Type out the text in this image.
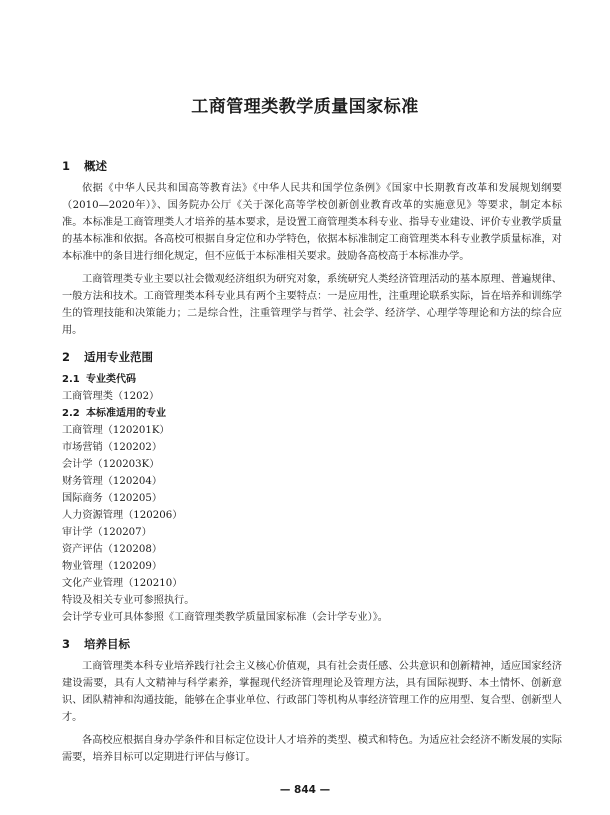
工商管理类教学质量国家标准
1 概述

依据《中华人民共和国高等教育法》《中华人民共和国学位条例》《国家中长期教育改革和发展规划纲要（2010—2020年）》、国务院办公厅《关于深化高等学校创新创业教育改革的实施意见》等要求，制定本标准。本标准是工商管理类人才培养的基本要求，是设置工商管理类本科专业、指导专业建设、评价专业教学质量的基本标准和依据。各高校可根据自身定位和办学特色，依据本标准制定工商管理类本科专业教学质量标准，对本标准中的条目进行细化规定，但不应低于本标准相关要求。鼓励各高校高于本标准办学。

工商管理类专业主要以社会微观经济组织为研究对象，系统研究人类经济管理活动的基本原理、普遍规律、一般方法和技术。工商管理类本科专业具有两个主要特点：一是应用性，注重理论联系实际，旨在培养和训练学生的管理技能和决策能力；二是综合性，注重管理学与哲学、社会学、经济学、心理学等理论和方法的综合应用。

2 适用专业范围
2.1 专业类代码

工商管理类（1202）

2.2 本标准适用的专业

工商管理（120201K）

市场营销（120202）

会计学（120203K）

财务管理（120204）

国际商务（120205）

人力资源管理（120206）

审计学（120207）

资产评估（120208）

物业管理（120209）

文化产业管理（120210）

特设及相关专业可参照执行。

会计学专业可具体参照《工商管理类教学质量国家标准（会计学专业）》。

3 培养目标

工商管理类本科专业培养践行社会主义核心价值观，具有社会责任感、公共意识和创新精神，适应国家经济建设需要，具有人文精神与科学素养，掌握现代经济管理理论及管理方法，具有国际视野、本土情怀、创新意识、团队精神和沟通技能，能够在企事业单位、行政部门等机构从事经济管理工作的应用型、复合型、创新型人才。

各高校应根据自身办学条件和目标定位设计人才培养的类型、模式和特色。为适应社会经济不断发展的实际需要，培养目标可以定期进行评估与修订。

— 844 —
